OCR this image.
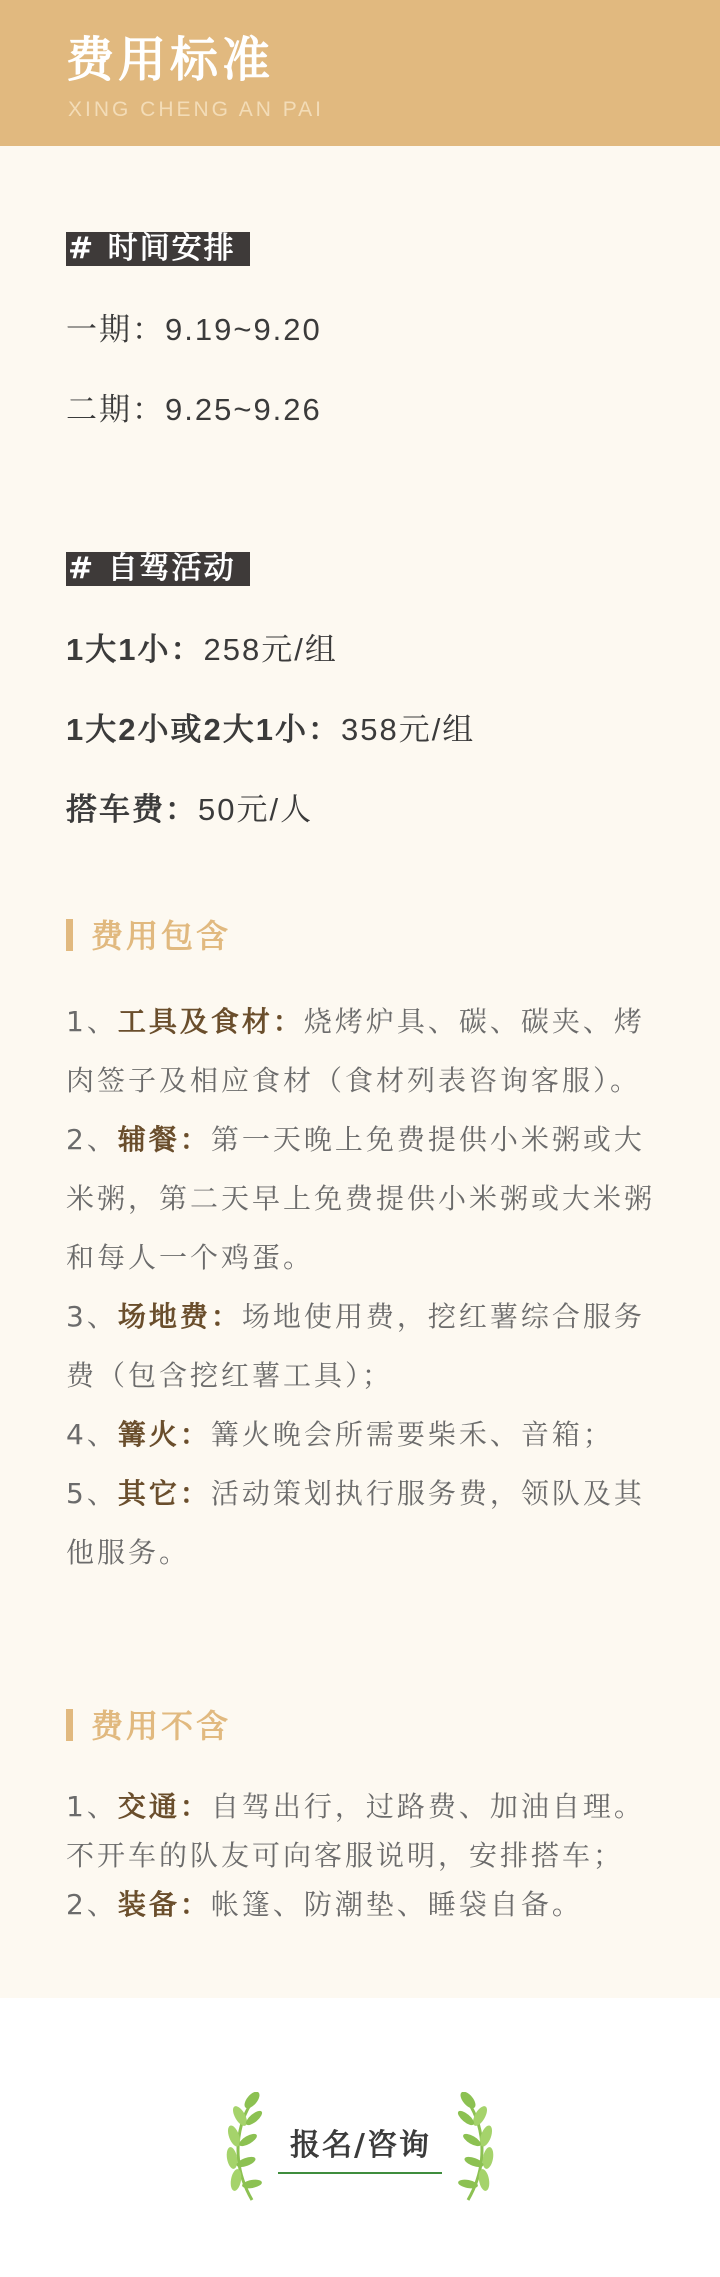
费用标准
XING CHENG AN PAI
# 时间安排
一期：9.19~9.20
二期：9.25~9.26
# 自驾活动
1大1小：258元/组
1大2小或2大1小：358元/组
搭车费：50元/人
费用包含
1、工具及食材：烧烤炉具、碳、碳夹、烤肉签子及相应食材（食材列表咨询客服）。
2、辅餐：第一天晚上免费提供小米粥或大米粥，第二天早上免费提供小米粥或大米粥和每人一个鸡蛋。
3、场地费：场地使用费，挖红薯综合服务费（包含挖红薯工具）；
4、篝火：篝火晚会所需要柴禾、音箱；
5、其它：活动策划执行服务费，领队及其他服务。
费用不含
1、交通：自驾出行，过路费、加油自理。不开车的队友可向客服说明，安排搭车；
2、装备：帐篷、防潮垫、睡袋自备。
报名/咨询
